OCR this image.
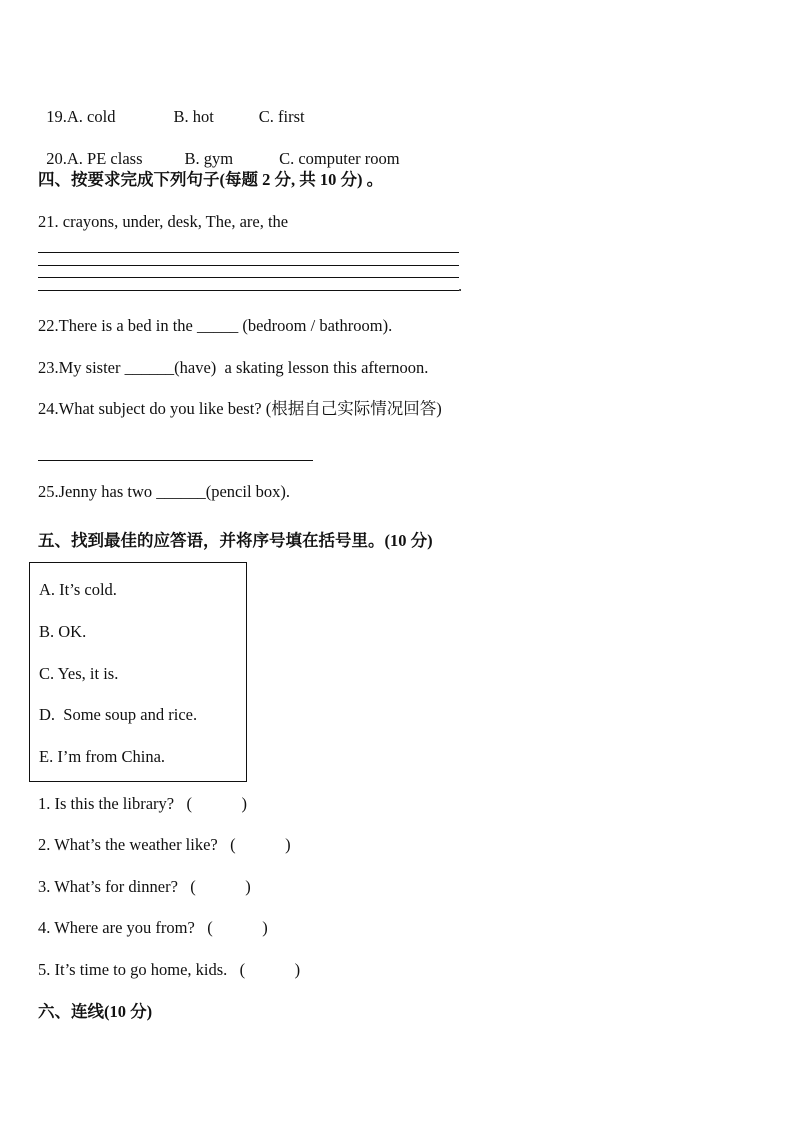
19.A. cold	B. hot	C. first

20.A. PE class	B. gym	C. computer room

四、按要求完成下列句子(每题 2 分, 共 10 分) 。
21. crayons, under, desk, The, are, the
.
22.There is a bed in the _____ (bedroom / bathroom).
23.My sister ______(have)  a skating lesson this afternoon.
24.What subject do you like best? (根据自己实际情况回答)
25.Jenny has two ______(pencil box).
五、找到最佳的应答语，并将序号填在括号里。(10 分)
A. It’s cold.
B. OK.
C. Yes, it is.
D.  Some soup and rice.
E. I’m from China.
1. Is this the library?   (            )
2. What’s the weather like?   (            )
3. What’s for dinner?   (            )
4. Where are you from?   (            )
5. It’s time to go home, kids.   (            )
六、连线(10 分)
